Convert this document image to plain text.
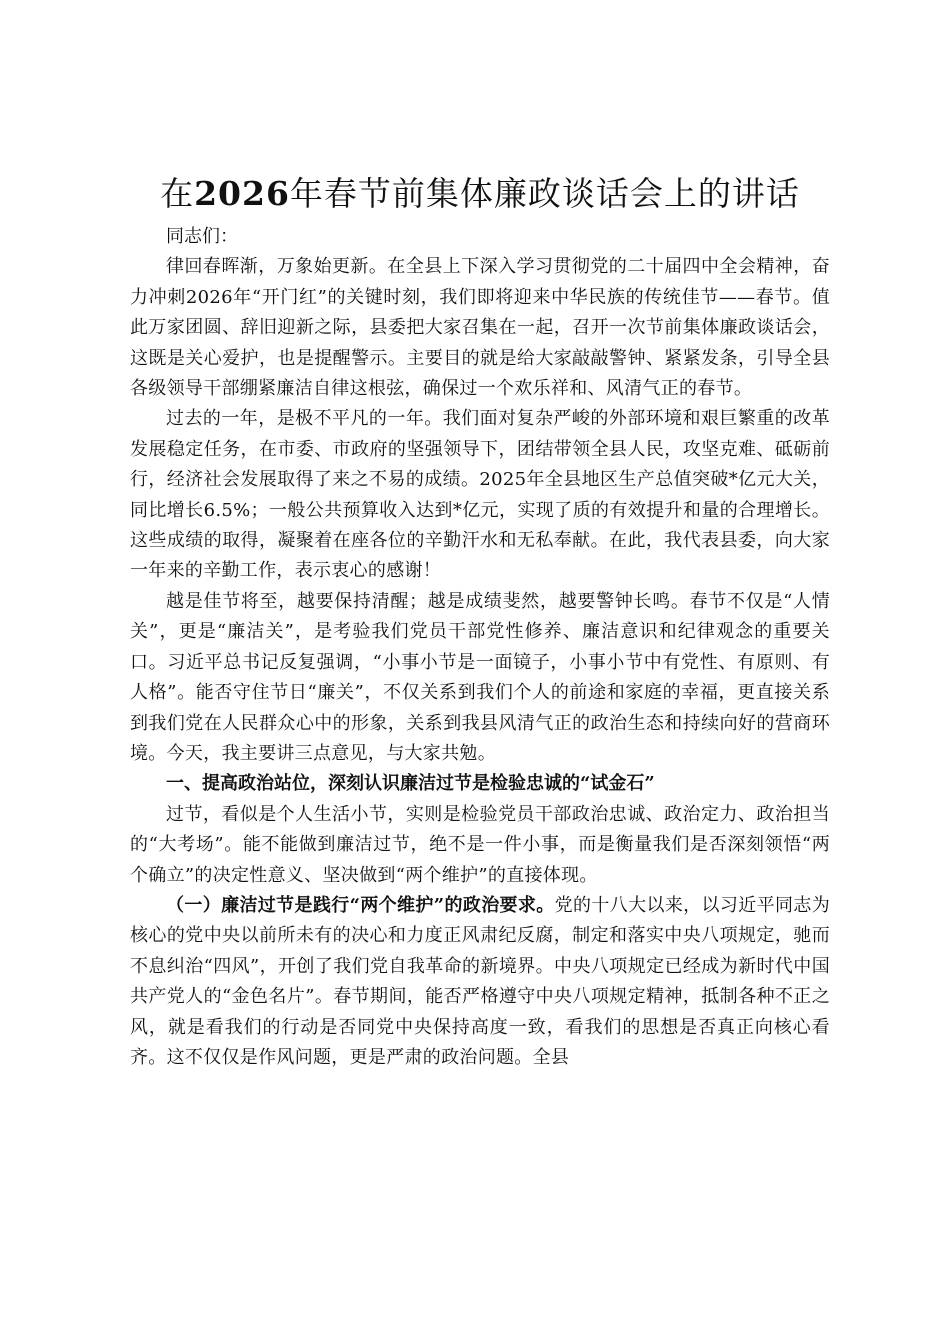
在2026年春节前集体廉政谈话会上的讲话

同志们：

律回春晖渐，万象始更新。在全县上下深入学习贯彻党的二十届四中全会精神，奋力冲刺2026年“开门红”的关键时刻，我们即将迎来中华民族的传统佳节——春节。值此万家团圆、辞旧迎新之际，县委把大家召集在一起，召开一次节前集体廉政谈话会，这既是关心爱护，也是提醒警示。主要目的就是给大家敲敲警钟、紧紧发条，引导全县各级领导干部绷紧廉洁自律这根弦，确保过一个欢乐祥和、风清气正的春节。

过去的一年，是极不平凡的一年。我们面对复杂严峻的外部环境和艰巨繁重的改革发展稳定任务，在市委、市政府的坚强领导下，团结带领全县人民，攻坚克难、砥砺前行，经济社会发展取得了来之不易的成绩。2025年全县地区生产总值突破*亿元大关，同比增长6.5%；一般公共预算收入达到*亿元，实现了质的有效提升和量的合理增长。这些成绩的取得，凝聚着在座各位的辛勤汗水和无私奉献。在此，我代表县委，向大家一年来的辛勤工作，表示衷心的感谢！

越是佳节将至，越要保持清醒；越是成绩斐然，越要警钟长鸣。春节不仅是“人情关”，更是“廉洁关”，是考验我们党员干部党性修养、廉洁意识和纪律观念的重要关口。习近平总书记反复强调，“小事小节是一面镜子，小事小节中有党性、有原则、有人格”。能否守住节日“廉关”，不仅关系到我们个人的前途和家庭的幸福，更直接关系到我们党在人民群众心中的形象，关系到我县风清气正的政治生态和持续向好的营商环境。今天，我主要讲三点意见，与大家共勉。

一、提高政治站位，深刻认识廉洁过节是检验忠诚的“试金石”

过节，看似是个人生活小节，实则是检验党员干部政治忠诚、政治定力、政治担当的“大考场”。能不能做到廉洁过节，绝不是一件小事，而是衡量我们是否深刻领悟“两个确立”的决定性意义、坚决做到“两个维护”的直接体现。

（一）廉洁过节是践行“两个维护”的政治要求。党的十八大以来，以习近平同志为核心的党中央以前所未有的决心和力度正风肃纪反腐，制定和落实中央八项规定，驰而不息纠治“四风”，开创了我们党自我革命的新境界。中央八项规定已经成为新时代中国共产党人的“金色名片”。春节期间，能否严格遵守中央八项规定精神，抵制各种不正之风，就是看我们的行动是否同党中央保持高度一致，看我们的思想是否真正向核心看齐。这不仅仅是作风问题，更是严肃的政治问题。全县
